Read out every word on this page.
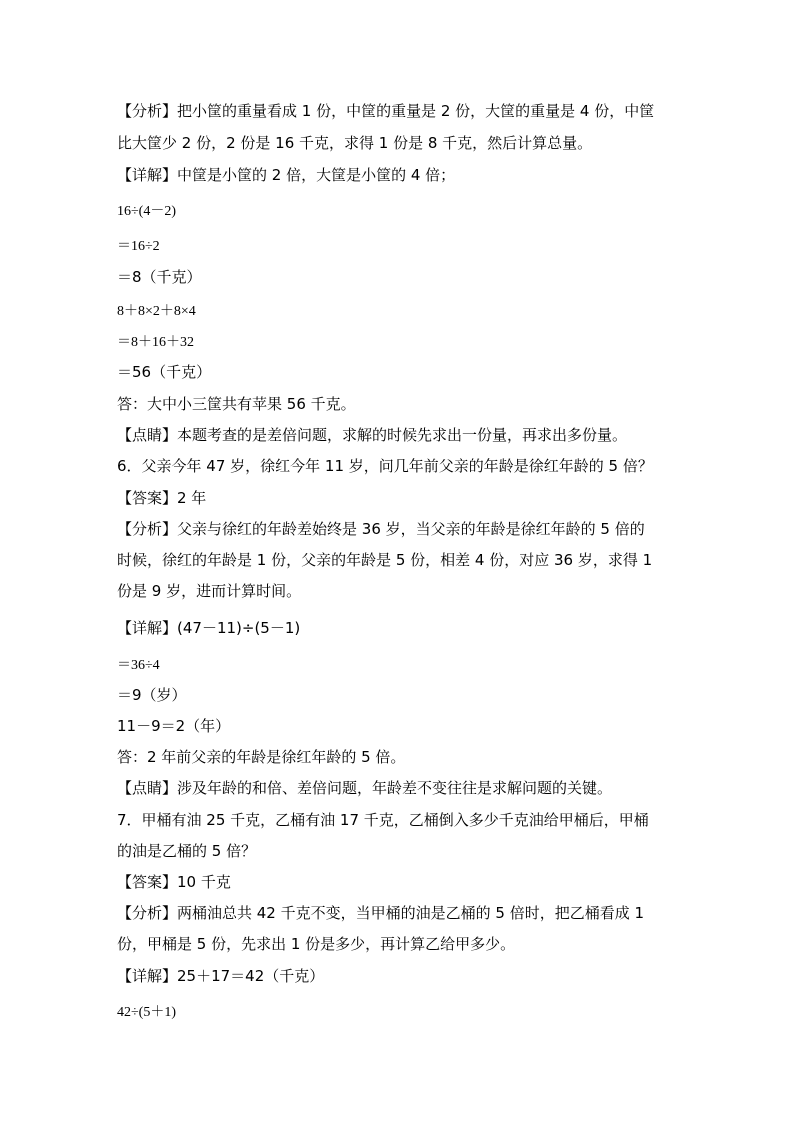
【分析】把小筐的重量看成 1 份，中筐的重量是 2 份，大筐的重量是 4 份，中筐
比大筐少 2 份，2 份是 16 千克，求得 1 份是 8 千克，然后计算总量。
【详解】中筐是小筐的 2 倍，大筐是小筐的 4 倍；
16÷(4－2)
＝16÷2
＝8（千克）
8＋8×2＋8×4
＝8＋16＋32
＝56（千克）
答：大中小三筐共有苹果 56 千克。
【点睛】本题考查的是差倍问题，求解的时候先求出一份量，再求出多份量。
6．父亲今年 47 岁，徐红今年 11 岁，问几年前父亲的年龄是徐红年龄的 5 倍？
【答案】2 年
【分析】父亲与徐红的年龄差始终是 36 岁，当父亲的年龄是徐红年龄的 5 倍的
时候，徐红的年龄是 1 份，父亲的年龄是 5 份，相差 4 份，对应 36 岁，求得 1
份是 9 岁，进而计算时间。
【详解】(47－11)÷(5－1)
＝36÷4
＝9（岁）
11－9＝2（年）
答：2 年前父亲的年龄是徐红年龄的 5 倍。
【点睛】涉及年龄的和倍、差倍问题，年龄差不变往往是求解问题的关键。
7．甲桶有油 25 千克，乙桶有油 17 千克，乙桶倒入多少千克油给甲桶后，甲桶
的油是乙桶的 5 倍？
【答案】10 千克
【分析】两桶油总共 42 千克不变，当甲桶的油是乙桶的 5 倍时，把乙桶看成 1
份，甲桶是 5 份，先求出 1 份是多少，再计算乙给甲多少。
【详解】25＋17＝42（千克）
42÷(5＋1)
